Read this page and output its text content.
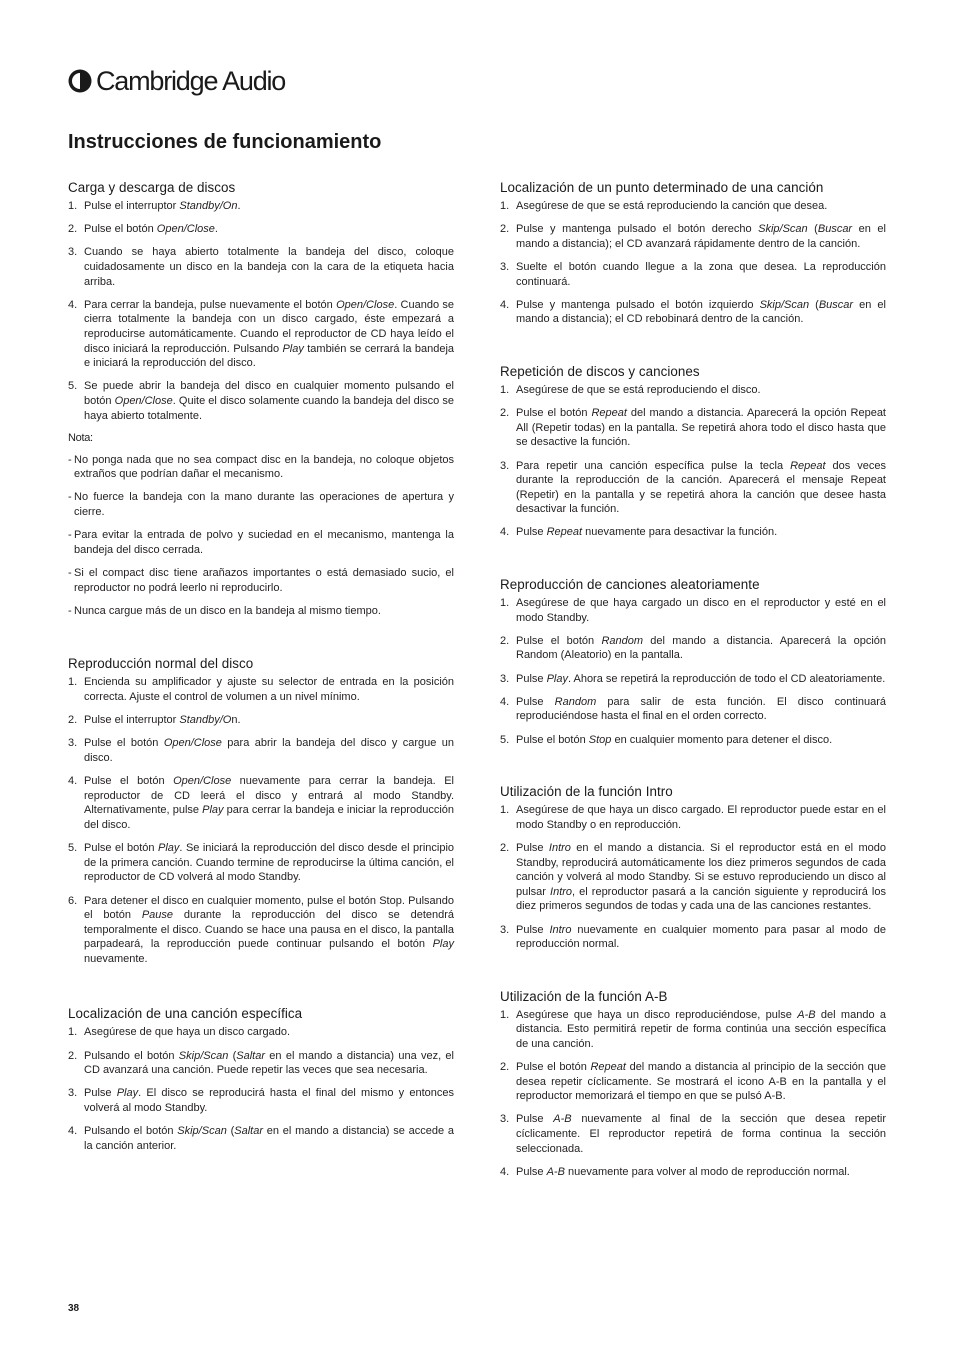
Cambridge Audio
Instrucciones de funcionamiento
Carga y descarga de discos
1. Pulse el interruptor Standby/On.
2. Pulse el botón Open/Close.
3. Cuando se haya abierto totalmente la bandeja del disco, coloque cuidadosamente un disco en la bandeja con la cara de la etiqueta hacia arriba.
4. Para cerrar la bandeja, pulse nuevamente el botón Open/Close. Cuando se cierra totalmente la bandeja con un disco cargado, éste empezará a reproducirse automáticamente. Cuando el reproductor de CD haya leído el disco iniciará la reproducción. Pulsando Play también se cerrará la bandeja e iniciará la reproducción del disco.
5. Se puede abrir la bandeja del disco en cualquier momento pulsando el botón Open/Close. Quite el disco solamente cuando la bandeja del disco se haya abierto totalmente.
Nota:
- No ponga nada que no sea compact disc en la bandeja, no coloque objetos extraños que podrían dañar el mecanismo.
- No fuerce la bandeja con la mano durante las operaciones de apertura y cierre.
- Para evitar la entrada de polvo y suciedad en el mecanismo, mantenga la bandeja del disco cerrada.
- Si el compact disc tiene arañazos importantes o está demasiado sucio, el reproductor no podrá leerlo ni reproducirlo.
- Nunca cargue más de un disco en la bandeja al mismo tiempo.
Reproducción normal del disco
1. Encienda su amplificador y ajuste su selector de entrada en la posición correcta. Ajuste el control de volumen a un nivel mínimo.
2. Pulse el interruptor Standby/On.
3. Pulse el botón Open/Close para abrir la bandeja del disco y cargue un disco.
4. Pulse el botón Open/Close nuevamente para cerrar la bandeja. El reproductor de CD leerá el disco y entrará al modo Standby. Alternativamente, pulse Play para cerrar la bandeja e iniciar la reproducción del disco.
5. Pulse el botón Play. Se iniciará la reproducción del disco desde el principio de la primera canción. Cuando termine de reproducirse la última canción, el reproductor de CD volverá al modo Standby.
6. Para detener el disco en cualquier momento, pulse el botón Stop. Pulsando el botón Pause durante la reproducción del disco se detendrá temporalmente el disco. Cuando se hace una pausa en el disco, la pantalla parpadeará, la reproducción puede continuar pulsando el botón Play nuevamente.
Localización de una canción específica
1. Asegúrese de que haya un disco cargado.
2. Pulsando el botón Skip/Scan (Saltar en el mando a distancia) una vez, el CD avanzará una canción. Puede repetir las veces que sea necesaria.
3. Pulse Play. El disco se reproducirá hasta el final del mismo y entonces volverá al modo Standby.
4. Pulsando el botón Skip/Scan (Saltar en el mando a distancia) se accede a la canción anterior.
Localización de un punto determinado de una canción
1. Asegúrese de que se está reproduciendo la canción que desea.
2. Pulse y mantenga pulsado el botón derecho Skip/Scan (Buscar en el mando a distancia); el CD avanzará rápidamente dentro de la canción.
3. Suelte el botón cuando llegue a la zona que desea. La reproducción continuará.
4. Pulse y mantenga pulsado el botón izquierdo Skip/Scan (Buscar en el mando a distancia); el CD rebobinará dentro de la canción.
Repetición de discos y canciones
1. Asegúrese de que se está reproduciendo el disco.
2. Pulse el botón Repeat del mando a distancia. Aparecerá la opción Repeat All (Repetir todas) en la pantalla. Se repetirá ahora todo el disco hasta que se desactive la función.
3. Para repetir una canción específica pulse la tecla Repeat dos veces durante la reproducción de la canción. Aparecerá el mensaje Repeat (Repetir) en la pantalla y se repetirá ahora la canción que desee hasta desactivar la función.
4. Pulse Repeat nuevamente para desactivar la función.
Reproducción de canciones aleatoriamente
1. Asegúrese de que haya cargado un disco en el reproductor y esté en el modo Standby.
2. Pulse el botón Random del mando a distancia. Aparecerá la opción Random (Aleatorio) en la pantalla.
3. Pulse Play. Ahora se repetirá la reproducción de todo el CD aleatoriamente.
4. Pulse Random para salir de esta función. El disco continuará reproduciéndose hasta el final en el orden correcto.
5. Pulse el botón Stop en cualquier momento para detener el disco.
Utilización de la función Intro
1. Asegúrese de que haya un disco cargado. El reproductor puede estar en el modo Standby o en reproducción.
2. Pulse Intro en el mando a distancia. Si el reproductor está en el modo Standby, reproducirá automáticamente los diez primeros segundos de cada canción y volverá al modo Standby. Si se estuvo reproduciendo un disco al pulsar Intro, el reproductor pasará a la canción siguiente y reproducirá los diez primeros segundos de todas y cada una de las canciones restantes.
3. Pulse Intro nuevamente en cualquier momento para pasar al modo de reproducción normal.
Utilización de la función A-B
1. Asegúrese que haya un disco reproduciéndose, pulse A-B del mando a distancia. Esto permitirá repetir de forma continúa una sección específica de una canción.
2. Pulse el botón Repeat del mando a distancia al principio de la sección que desea repetir cíclicamente. Se mostrará el icono A-B en la pantalla y el reproductor memorizará el tiempo en que se pulsó A-B.
3. Pulse A-B nuevamente al final de la sección que desea repetir cíclicamente. El reproductor repetirá de forma continua la sección seleccionada.
4. Pulse A-B nuevamente para volver al modo de reproducción normal.
38
